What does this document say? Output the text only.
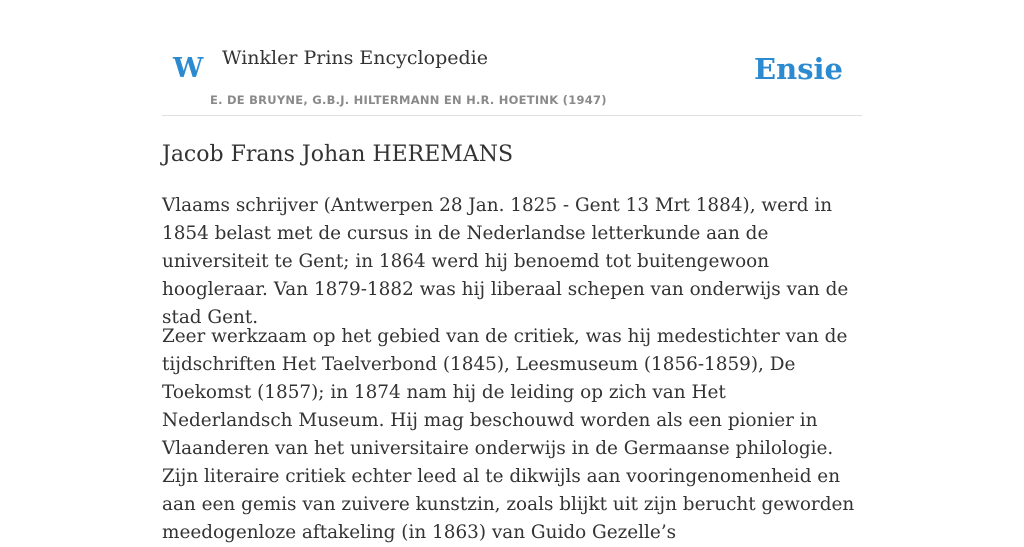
W Winkler Prins Encyclopedie
E. DE BRUYNE, G.B.J. HILTERMANN EN H.R. HOETINK (1947)
Ensie
Jacob Frans Johan HEREMANS

Vlaams schrijver (Antwerpen 28 Jan. 1825 - Gent 13 Mrt 1884), werd in 1854 belast met de cursus in de Nederlandse letterkunde aan de universiteit te Gent; in 1864 werd hij benoemd tot buitengewoon hoogleraar. Van 1879-1882 was hij liberaal schepen van onderwijs van de stad Gent.

Zeer werkzaam op het gebied van de critiek, was hij medestichter van de tijdschriften Het Taelverbond (1845), Leesmuseum (1856-1859), De Toekomst (1857); in 1874 nam hij de leiding op zich van Het Nederlandsch Museum. Hij mag beschouwd worden als een pionier in Vlaanderen van het universitaire onderwijs in de Germaanse philologie. Zijn literaire critiek echter leed al te dikwijls aan vooringenomenheid en aan een gemis van zuivere kunstzin, zoals blijkt uit zijn berucht geworden meedogenloze aftakeling (in 1863) van Guido Gezelle’s
